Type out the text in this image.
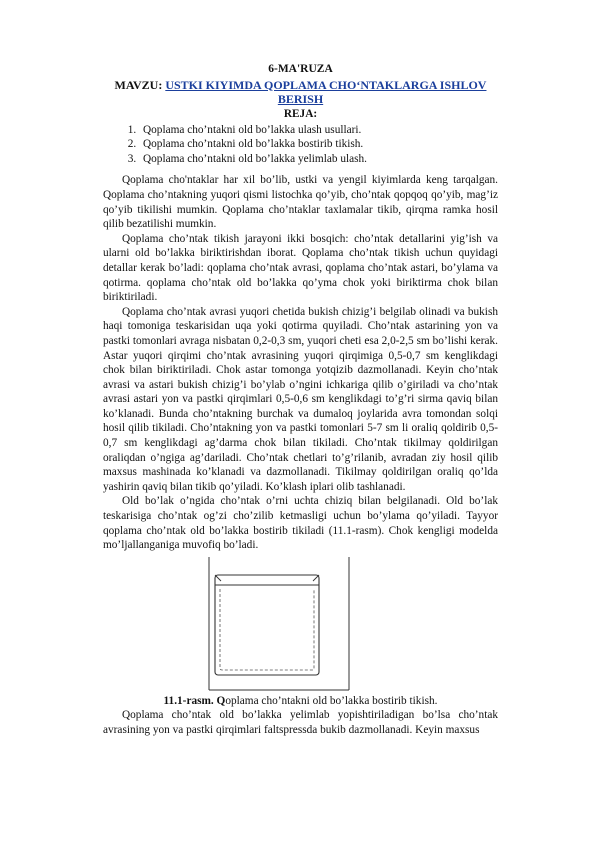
6-MA'RUZA
MAVZU: USTKI KIYIMDA QOPLAMA CHO‘NTAKLARGA ISHLOV BERISH
REJA:
1. Qoplama cho’ntakni old bo’lakka ulash usullari.
2. Qoplama cho’ntakni old bo’lakka bostirib tikish.
3. Qoplama cho’ntakni old bo’lakka yelimlab ulash.

Qoplama cho'ntaklar har xil bo’lib, ustki va yengil kiyimlarda keng tarqalgan. Qoplama cho’ntakning yuqori qismi listochka qo’yib, cho’ntak qopqoq qo’yib, mag’iz qo’yib tikilishi mumkin. Qoplama cho’ntaklar taxlamalar tikib, qirqma ramka hosil qilib bezatilishi mumkin.

Qoplama cho’ntak tikish jarayoni ikki bosqich: cho’ntak detallarini yig’ish va ularni old bo’lakka biriktirishdan iborat. Qoplama cho’ntak tikish uchun quyidagi detallar kerak bo’ladi: qoplama cho’ntak avrasi, qoplama cho’ntak astari, bo’ylama va qotirma. qoplama cho’ntak old bo’lakka qo’yma chok yoki biriktirma chok bilan biriktiriladi.

Qoplama cho’ntak avrasi yuqori chetida bukish chizig’i belgilab olinadi va bukish haqi tomoniga teskarisidan uqa yoki qotirma quyiladi. Cho’ntak astarining yon va pastki tomonlari avraga nisbatan 0,2-0,3 sm, yuqori cheti esa 2,0-2,5 sm bo’lishi kerak. Astar yuqori qirqimi cho’ntak avrasining yuqori qirqimiga 0,5-0,7 sm kenglikdagi chok bilan biriktiriladi. Chok astar tomonga yotqizib dazmollanadi. Keyin cho’ntak avrasi va astari bukish chizig’i bo’ylab o’ngini ichkariga qilib o’giriladi va cho’ntak avrasi astari yon va pastki qirqimlari 0,5-0,6 sm kenglikdagi to’g’ri sirma qaviq bilan ko’klanadi. Bunda cho’ntakning burchak va dumaloq joylarida avra tomondan solqi hosil qilib tikiladi. Cho’ntakning yon va pastki tomonlari 5-7 sm li oraliq qoldirib 0,5-0,7 sm kenglikdagi ag’darma chok bilan tikiladi. Cho’ntak tikilmay qoldirilgan oraliqdan o’ngiga ag’dariladi. Cho’ntak chetlari to’g’rilanib, avradan ziy hosil qilib maxsus mashinada ko’klanadi va dazmollanadi. Tikilmay qoldirilgan oraliq qo’lda yashirin qaviq bilan tikib qo’yiladi. Ko’klash iplari olib tashlanadi.

Old bo’lak o’ngida cho’ntak o’rni uchta chiziq bilan belgilanadi. Old bo’lak teskarisiga cho’ntak og’zi cho’zilib ketmasligi uchun bo’ylama qo’yiladi. Tayyor qoplama cho’ntak old bo’lakka bostirib tikiladi (11.1-rasm). Chok kengligi modelda mo’ljallanganiga muvofiq bo’ladi.

11.1-rasm. Qoplama cho’ntakni old bo’lakka bostirib tikish.

Qoplama cho’ntak old bo’lakka yelimlab yopishtiriladigan bo’lsa cho’ntak avrasining yon va pastki qirqimlari faltspressda bukib dazmollanadi. Keyin maxsus
